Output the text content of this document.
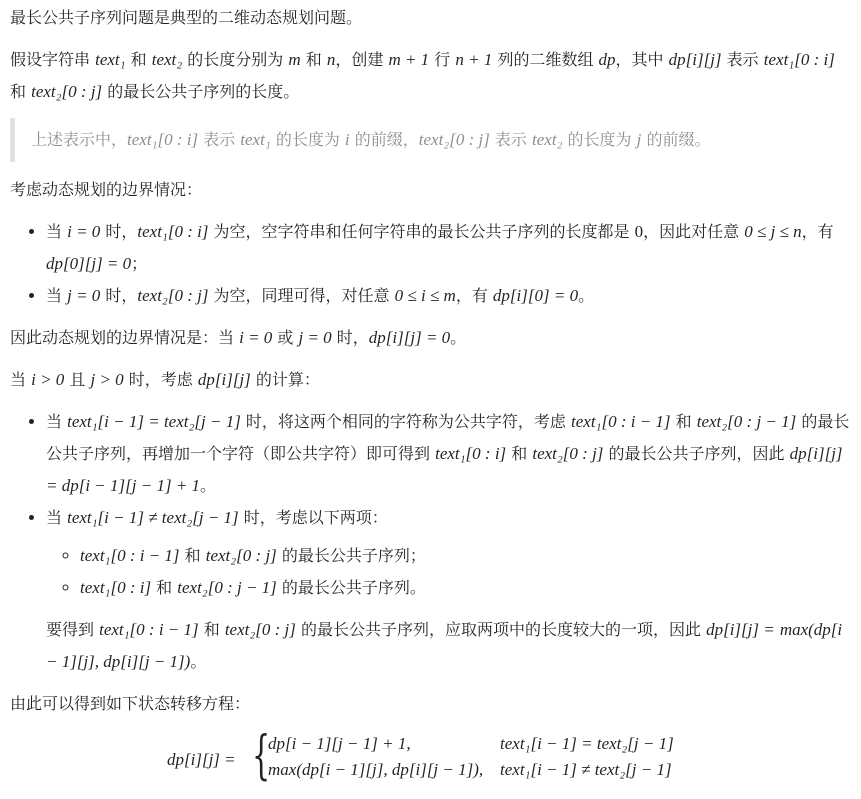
最长公共子序列问题是典型的二维动态规划问题。

假设字符串 text₁ 和 text₂ 的长度分别为 m 和 n，创建 m + 1 行 n + 1 列的二维数组 dp，其中 dp[i][j] 表示 text₁[0 : i] 和 text₂[0 : j] 的最长公共子序列的长度。

上述表示中，text₁[0 : i] 表示 text₁ 的长度为 i 的前缀，text₂[0 : j] 表示 text₂ 的长度为 j 的前缀。

考虑动态规划的边界情况：

• 当 i = 0 时，text₁[0 : i] 为空，空字符串和任何字符串的最长公共子序列的长度都是 0，因此对任意 0 ≤ j ≤ n，有 dp[0][j] = 0；
• 当 j = 0 时，text₂[0 : j] 为空，同理可得，对任意 0 ≤ i ≤ m，有 dp[i][0] = 0。

因此动态规划的边界情况是：当 i = 0 或 j = 0 时，dp[i][j] = 0。

当 i > 0 且 j > 0 时，考虑 dp[i][j] 的计算：

• 当 text₁[i − 1] = text₂[j − 1] 时，将这两个相同的字符称为公共字符，考虑 text₁[0 : i − 1] 和 text₂[0 : j − 1] 的最长公共子序列，再增加一个字符（即公共字符）即可得到 text₁[0 : i] 和 text₂[0 : j] 的最长公共子序列，因此 dp[i][j] = dp[i − 1][j − 1] + 1。
• 当 text₁[i − 1] ≠ text₂[j − 1] 时，考虑以下两项：
◦ text₁[0 : i − 1] 和 text₂[0 : j] 的最长公共子序列；
◦ text₁[0 : i] 和 text₂[0 : j − 1] 的最长公共子序列。

要得到 text₁[0 : i − 1] 和 text₂[0 : j] 的最长公共子序列，应取两项中的长度较大的一项，因此 dp[i][j] = max(dp[i − 1][j], dp[i][j − 1])。

由此可以得到如下状态转移方程：

dp[i][j] = {
dp[i − 1][j − 1] + 1,	text₁[i − 1] = text₂[j − 1]
max(dp[i − 1][j], dp[i][j − 1]), text₁[i − 1] ≠ text₂[j − 1]
